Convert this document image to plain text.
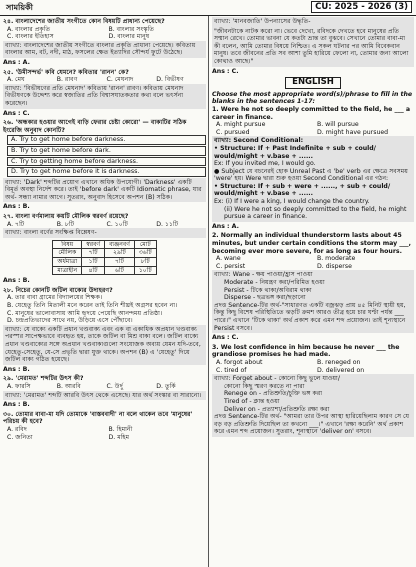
সাময়িকী	CU: 2025 - 2026 (3)
২৪. বাংলাদেশের জাতীয় সংগীতে কোন বিষয়টি প্রাধান্য পেয়েছে?
A. বাংলার প্রকৃতি	B. বাংলার সংস্কৃতি
C. বাংলার ইতিহাস	D. বাংলার মানুষ
ব্যাখ্যা: বাংলাদেশের জাতীয় সংগীতে বাংলার প্রকৃতি প্রাধান্য পেয়েছে। কবিতায় বাংলার আম, বট, নদী, মাঠ, ফসলের ক্ষেত ইত্যাদির সৌন্দর্য ফুটে উঠেছে।
Ans : A.
২৫. 'উমীসন্দর্ভ' কবি যেমনে? কবিতার 'রানন' কে?
A. মেঘ	B. রাবণ	C. মেঘনাদ	D. বিভীষণ
ব্যাখ্যা: 'বিভীষণের প্রতি মেঘনাদ' কবিতায় 'রানন' রাবণ। কবিতায় মেঘনাদ বিভীষণকে উদ্দেশ্য করে স্বজাতির প্রতি বিশ্বাসঘাতকতার কথা বলে ভৎর্সনা করেছেন।
Ans : C.
২৬. 'অন্ধকার হওয়ার আগেই বাড়ি ফেরার চেষ্টা কোরো' — বাক্যটির সঠিক ইংরেজি অনুবাদ কোনটি?
A. Try to get home before darkness.
B. Try to get home before dark.
C. Try to getting home before darkness.
D. Try to get home before it is darkness.
ব্যাখ্যা: 'Dark' শব্দটির প্রয়োগ এখানে অধিক উপযোগী। 'Darkness' একটি বিমূর্ত অবস্থা নির্দেশ করে। তাই 'before dark' একটি Idiomatic phrase, যার অর্থ- সন্ধ্যা নামার আগে। সুতরাং, অনুবাদ হিসেবে অপশন (B) সঠিক।
Ans : B.
২৭. বাংলা বর্ণমালায় কয়টি মৌলিক স্বরবর্ণ রয়েছে?
A. ৭টি	B. ৮টি	C. ১০টি	D. ১১টি
ব্যাখ্যা: বাংলা বর্ণের সংক্ষিপ্ত বিশ্লেষণ-
বিষয়	স্বরবর্ণ	ব্যঞ্জনবর্ণ	মোট
মৌলিক	৭টি	২৯টি	৩৬টি
অর্ধমাত্রা	১টি	৭টি	৮টি
মাত্রাহীন	৪টি	৬টি	১০টি
Ans : B.
২৮. নিচের কোনটি জটিল বাক্যের উদাহরণ?
A. তার বাবা গ্রামের বিদ্যালয়ের শিক্ষক।
B. যেহেতু তিনি মিতালী মনে করেন তাই তিনি শীঘ্রই অগ্রসর হবেন না।
C. মানুষের ভালোবাসায় আমি হৃদয়ে পেয়েছি আনন্দময় প্রতিষ্ঠা।
D. চন্দ্রপ্রতিভাদের সাথে নয়, উড়িয়ে এসে পৌঁছাবে।
ব্যাখ্যা: যে বাক্যে একটি প্রধান খণ্ডবাক্য এবং এক বা একাধিক অপ্রধান খণ্ডবাক্য পরস্পর সাপেক্ষভাবে ব্যবহৃত হয়, তাকে জটিল বা মিশ্র বাক্য বলে। জটিল বাক্যে প্রধান খণ্ডবাক্যের সঙ্গে অপ্রধান খণ্ডবাক্যগুলো সংযোজক অব্যয় যেমন যদি-তবে, যেহেতু-সেহেতু, যে-সে প্রভৃতি দ্বারা যুক্ত থাকে। অপশন (B) এ 'যেহেতু' দিয়ে জটিল বাক্য গঠিত হয়েছে।
Ans : B.
২৯. 'মেরামত' শব্দটির উৎস কী?
A. ফারসি	B. আরবি	C. উর্দু	D. তুর্কি
ব্যাখ্যা: 'মেরামত' শব্দটি আরবি উৎস থেকে এসেছে। যার অর্থ সংস্কার বা সারানো।
Ans : B.
৩০. তোমার বাবা-মা যদি তোমাকে 'বাস্তববাদী' না বলে থাকেন তবে 'মানুষের' পরিচয় কী হবে?
A. রবিদ	B. হিমানী
C. জনিতা	D. মহিম
ব্যাখ্যা: 'মানবজাতি' উপন্যাসের উদ্ধৃতি-
"জীবনটাকে নাটক করো না। ভেবে দেখো, রবিদকে দেখতে হবে মানুষের প্রতি সম্মান রেখে। তোমার ভাবনা যে কতটা ভ্রান্ত তা বুঝবে। সেখানে তোমার বাবা-মা কী বলেন, আমি তোমার বিষয়ে নিশ্চিত। এ সকল ঘটনার পর আমি বিবেকবান মানুষ। তবে জীবনের প্রতি সব আশা তুমি হারিয়ে ফেলো না, তোমার জন্য আলো কোথাও আছে।"
Ans : C.
ENGLISH
Choose the most appropriate word(s)/phrase to fill in the blanks in the sentences 1-17:
1. Were he not so deeply committed to the field, he ___ a career in finance.
A. might pursue	B. will pursue
C. pursued	D. might have pursued
ব্যাখ্যা: Second Conditional:
• Structure: If + Past Indefinite + sub + could/ would/might + v.base + ......
Ex: If you invited me, I would go.
● Subject যে বচনেরই হোক Unreal Past এ 'be' verb এর ক্ষেত্রে সবসময় 'were' হয়। Were দ্বারা শুরু হওয়া Second Conditional এর গঠন:
• Structure: If + sub + were + ......, + sub + could/ would/might + v.base + ......
Ex: (i) If I were a king, I would change the country.
(ii) Were he not so deeply committed to the field, he might pursue a career in finance.
Ans : A.
2. Normally an individual thunderstorm lasts about 45 minutes, but under certain conditions the storm may ___, becoming ever more severe, for as long as four hours.
A. wane	B. moderate
C. persist	D. disperse
ব্যাখ্যা: Wane - ক্ষয় পাওয়া/হ্রাস পাওয়া
Moderate - নিয়ন্ত্রণ করা/পরিমিত হওয়া
Persist - টিকে থাকা/অবিরাম থাকা
Disperse - ছত্রভঙ্গ করা/ছড়ানো
প্রদত্ত Sentence-টির অর্থ-"সাধারণত একটি বজ্রঝড় প্রায় ৪৫ মিনিট স্থায়ী হয়, কিন্তু কিছু বিশেষ পরিস্থিতিতে ঝড়টি ক্রমশ আরও তীব্র হয়ে চার ঘণ্টা পর্যন্ত ___ পারে।" এখানে 'টিকে থাকা' অর্থ প্রকাশ করে এমন শব্দ প্রয়োজন। তাই শূন্যস্থানে Persist বসবে।
Ans : C.
3. We lost confidence in him because he never ___ the grandiose promises he had made.
A. forgot about	B. reneged on
C. tired of	D. delivered on
ব্যাখ্যা: Forget about - কোনো কিছু ভুলে যাওয়া/
কোনো কিছু স্মরণ করতে না পারা
Renege on - প্রতিশ্রুতি/চুক্তি ভঙ্গ করা
Tired of - ক্লান্ত হওয়া
Deliver on - প্রত্যাশা/প্রতিশ্রুতি রক্ষা করা
প্রদত্ত Sentence-টির অর্থ- "আমরা তার উপর আস্থা হারিয়েছিলাম কারণ সে যে বড় বড় প্রতিশ্রুতি দিয়েছিল তা কখনো ___।" এখানে 'রক্ষা করেনি' অর্থ প্রকাশ করে এমন শব্দ প্রয়োজন। সুতরাং, শূন্যস্থানে 'deliver on' বসবে।
